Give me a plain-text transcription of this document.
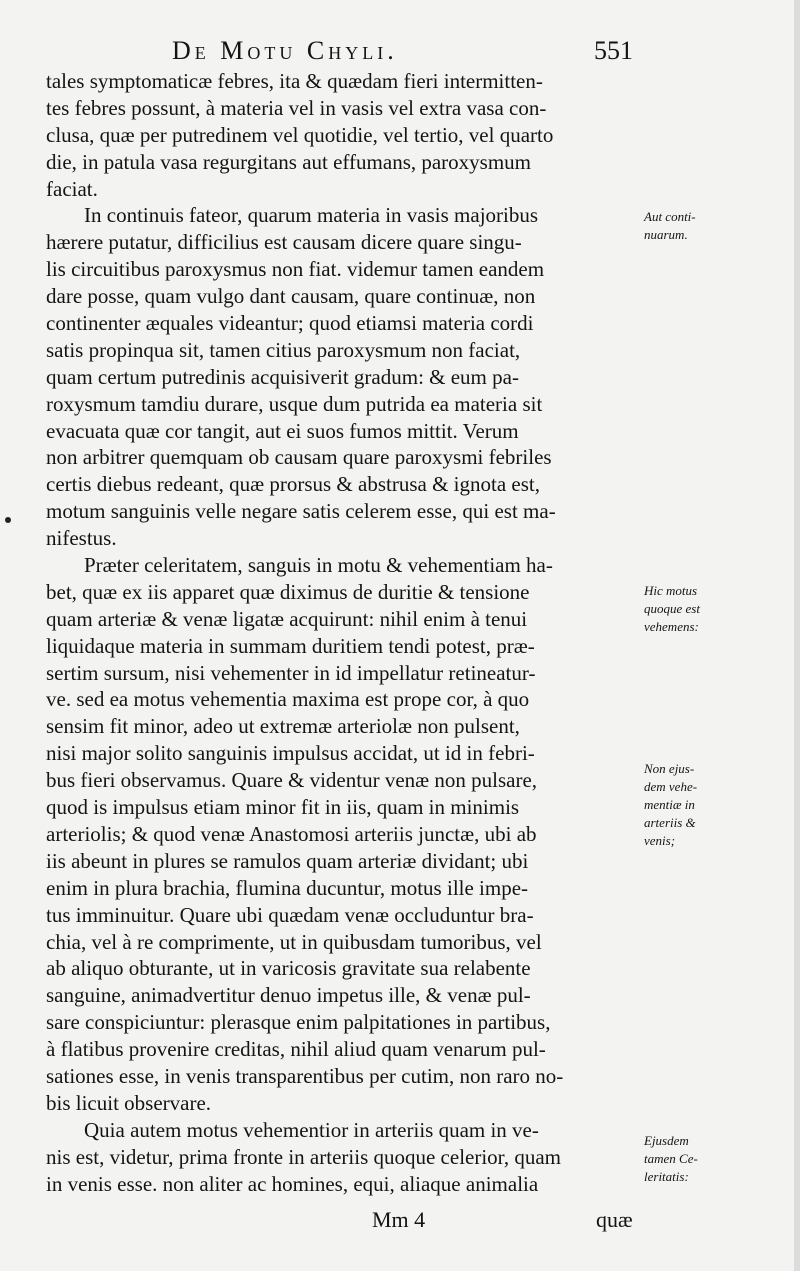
De Motu Chyli.	551
tales symptomaticæ febres, ita & quædam fieri intermitten-
tes febres possunt, à materia vel in vasis vel extra vasa con-
clusa, quæ per putredinem vel quotidie, vel tertio, vel quarto
die, in patula vasa regurgitans aut effumans, paroxysmum
faciat.
In continuis fateor, quarum materia in vasis majoribus
hærere putatur, difficilius est causam dicere quare singu-
lis circuitibus paroxysmus non fiat. videmur tamen eandem
dare posse, quam vulgo dant causam, quare continuæ, non
continenter æquales videantur; quod etiamsi materia cordi
satis propinqua sit, tamen citius paroxysmum non faciat,
quam certum putredinis acquisiverit gradum: & eum pa-
roxysmum tamdiu durare, usque dum putrida ea materia sit
evacuata quæ cor tangit, aut ei suos fumos mittit. Verum
non arbitrer quemquam ob causam quare paroxysmi febriles
certis diebus redeant, quæ prorsus & abstrusa & ignota est,
motum sanguinis velle negare satis celerem esse, qui est ma-
nifestus.
Præter celeritatem, sanguis in motu & vehementiam ha-
bet, quæ ex iis apparet quæ diximus de duritie & tensione
quam arteriæ & venæ ligatæ acquirunt: nihil enim à tenui
liquidaque materia in summam duritiem tendi potest, præ-
sertim sursum, nisi vehementer in id impellatur retineatur-
ve. sed ea motus vehementia maxima est prope cor, à quo
sensim fit minor, adeo ut extremæ arteriolæ non pulsent,
nisi major solito sanguinis impulsus accidat, ut id in febri-
bus fieri observamus. Quare & videntur venæ non pulsare,
quod is impulsus etiam minor fit in iis, quam in minimis
arteriolis; & quod venæ Anastomosi arteriis junctæ, ubi ab
iis abeunt in plures se ramulos quam arteriæ dividant; ubi
enim in plura brachia, flumina ducuntur, motus ille impe-
tus imminuitur. Quare ubi quædam venæ occluduntur bra-
chia, vel à re comprimente, ut in quibusdam tumoribus, vel
ab aliquo obturante, ut in varicosis gravitate sua relabente
sanguine, animadvertitur denuo impetus ille, & venæ pul-
sare conspiciuntur: plerasque enim palpitationes in partibus,
à flatibus provenire creditas, nihil aliud quam venarum pul-
sationes esse, in venis transparentibus per cutim, non raro no-
bis licuit observare.
Quia autem motus vehementior in arteriis quam in ve-
nis est, videtur, prima fronte in arteriis quoque celerior, quam
in venis esse. non aliter ac homines, equi, aliaque animalia
Aut conti-
nuarum.
Hic motus
quoque est
vehemens:
Non ejus-
dem vehe-
mentiæ in
arteriis &
venis;
Ejusdem
tamen Ce-
leritatis:
Mm 4	quæ
